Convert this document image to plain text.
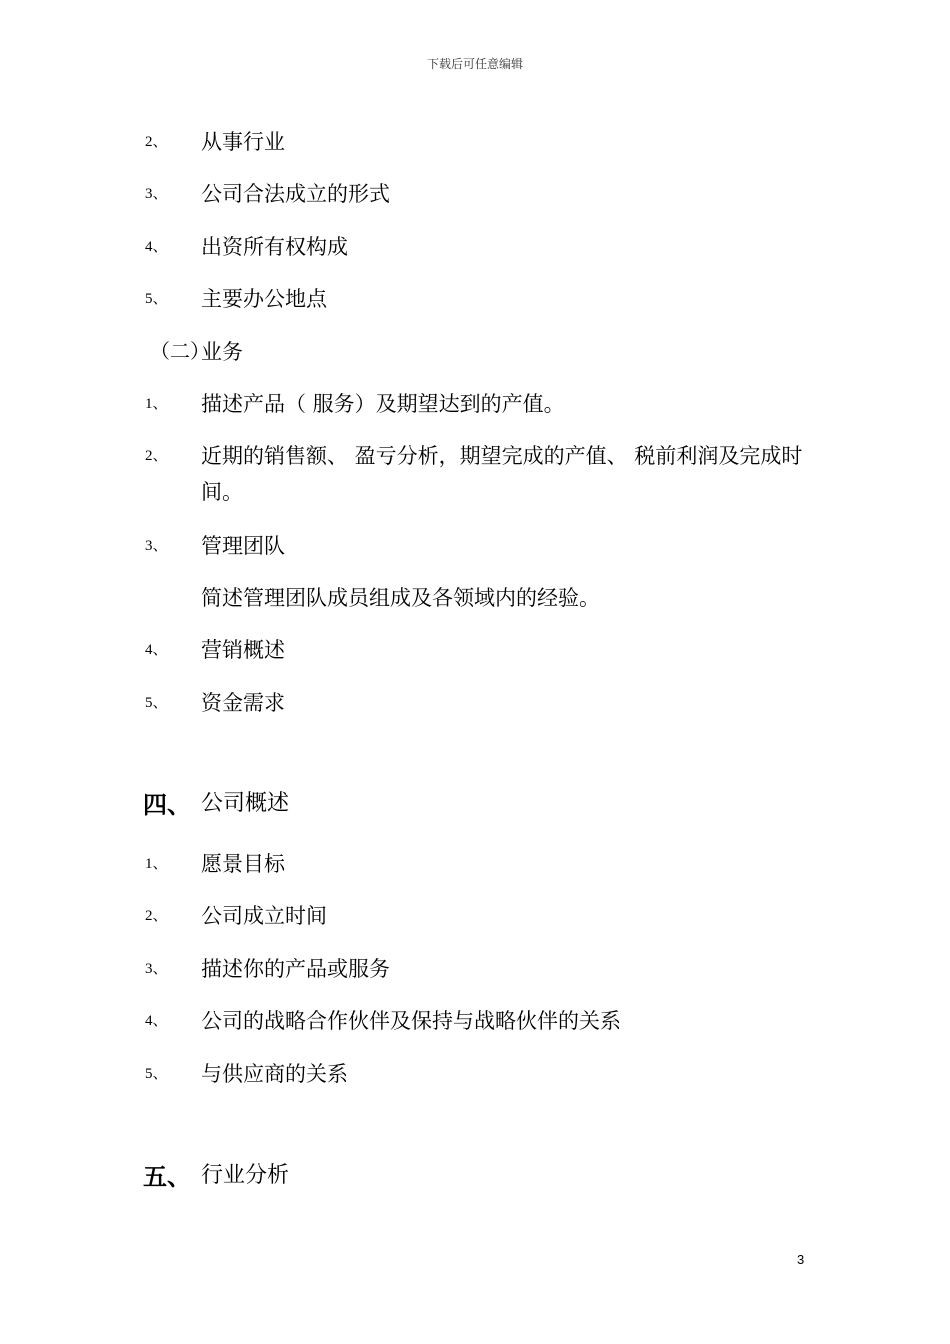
下载后可任意编辑
2、 从事行业
3、 公司合法成立的形式
4、 出资所有权构成
5、 主要办公地点
（二）
业务
1、 描述产品（ 服务）及期望达到的产值。
2、 近期的销售额、 盈亏分析，期望完成的产值、 税前利润及完成时间。
3、 管理团队
简述管理团队成员组成及各领域内的经验。
4、 营销概述
5、 资金需求
四、 公司概述
1、 愿景目标
2、 公司成立时间
3、 描述你的产品或服务
4、 公司的战略合作伙伴及保持与战略伙伴的关系
5、 与供应商的关系
五、 行业分析
3
